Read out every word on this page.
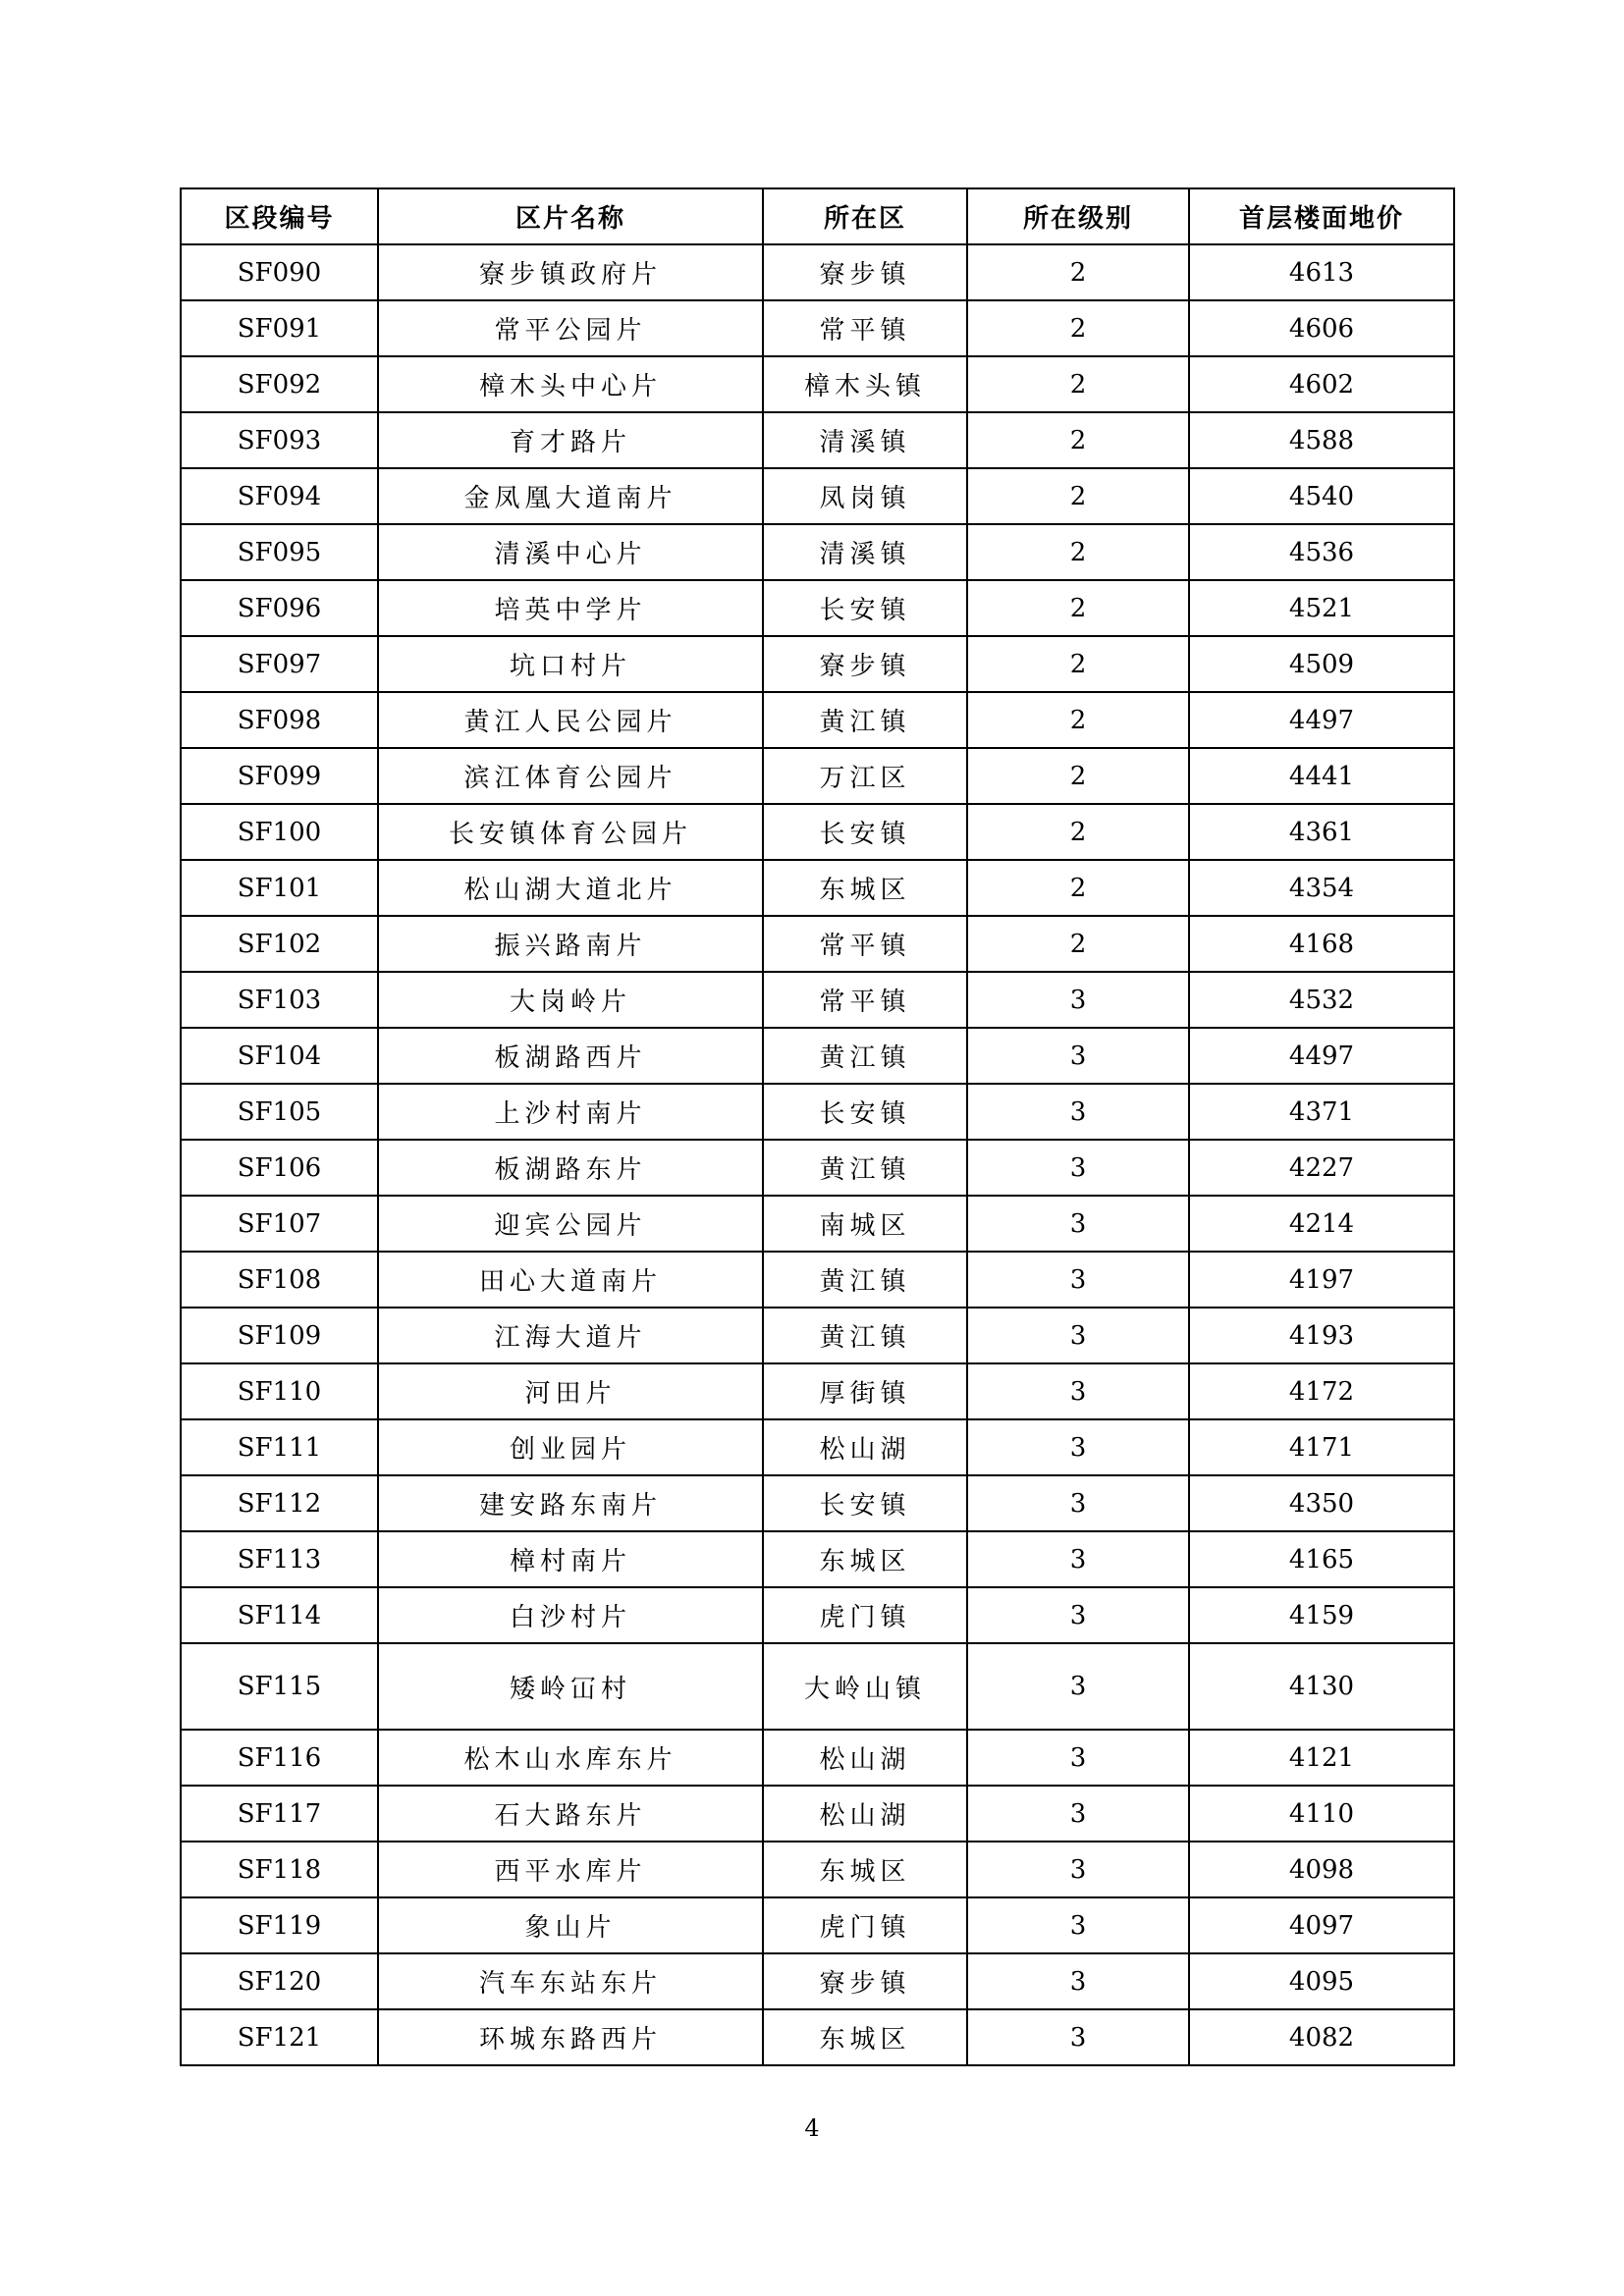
区段编号	区片名称	所在区	所在级别	首层楼面地价
SF090	寮步镇政府片	寮步镇	2	4613
SF091	常平公园片	常平镇	2	4606
SF092	樟木头中心片	樟木头镇	2	4602
SF093	育才路片	清溪镇	2	4588
SF094	金凤凰大道南片	凤岗镇	2	4540
SF095	清溪中心片	清溪镇	2	4536
SF096	培英中学片	长安镇	2	4521
SF097	坑口村片	寮步镇	2	4509
SF098	黄江人民公园片	黄江镇	2	4497
SF099	滨江体育公园片	万江区	2	4441
SF100	长安镇体育公园片	长安镇	2	4361
SF101	松山湖大道北片	东城区	2	4354
SF102	振兴路南片	常平镇	2	4168
SF103	大岗岭片	常平镇	3	4532
SF104	板湖路西片	黄江镇	3	4497
SF105	上沙村南片	长安镇	3	4371
SF106	板湖路东片	黄江镇	3	4227
SF107	迎宾公园片	南城区	3	4214
SF108	田心大道南片	黄江镇	3	4197
SF109	江海大道片	黄江镇	3	4193
SF110	河田片	厚街镇	3	4172
SF111	创业园片	松山湖	3	4171
SF112	建安路东南片	长安镇	3	4350
SF113	樟村南片	东城区	3	4165
SF114	白沙村片	虎门镇	3	4159
SF115	矮岭冚村	大岭山镇	3	4130
SF116	松木山水库东片	松山湖	3	4121
SF117	石大路东片	松山湖	3	4110
SF118	西平水库片	东城区	3	4098
SF119	象山片	虎门镇	3	4097
SF120	汽车东站东片	寮步镇	3	4095
SF121	环城东路西片	东城区	3	4082
4
